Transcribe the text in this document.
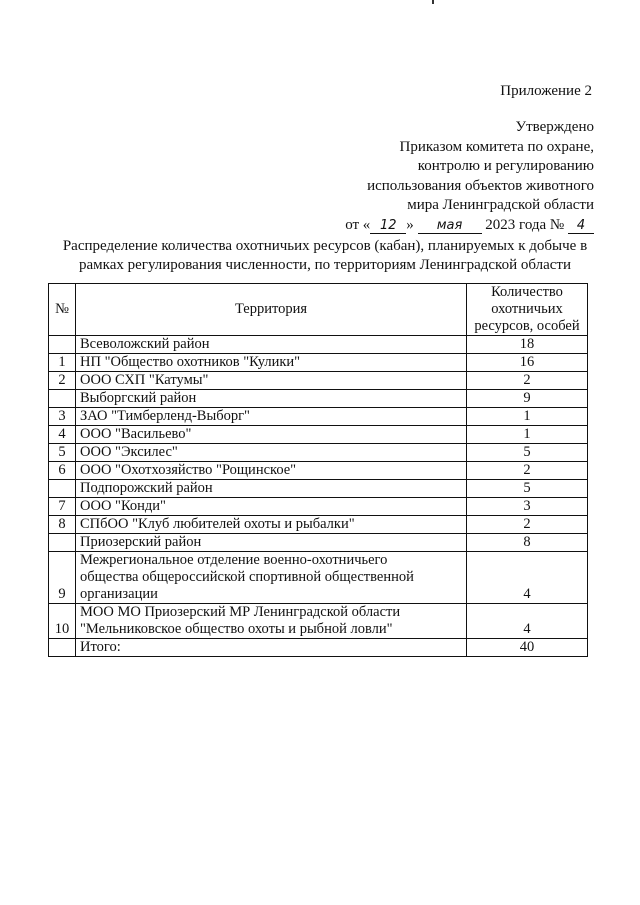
Приложение 2
Утверждено
Приказом комитета по охране,
контролю и регулированию
использования объектов животного
мира Ленинградской области
от « 12 » мая 2023 года № 4
Распределение количества охотничьих ресурсов (кабан), планируемых к добыче в
рамках регулирования численности, по территориям Ленинградской области
№	Территория	Количество
охотничьих
ресурсов, особей

	Всеволожский район	18
1	НП "Общество охотников "Кулики"	16
2	ООО СХП "Катумы"	2

	Выборгский район	9
3	ЗАО "Тимберленд-Выборг"	1
4	ООО "Васильево"	1
5	ООО "Эксилес"	5
6	ООО "Охотхозяйство "Рощинское"	2

	Подпорожский район	5
7	ООО "Конди"	3
8	СПбОО "Клуб любителей охоты и рыбалки"	2

	Приозерский район	8
9	Межрегиональное отделение военно-охотничьего
общества общероссийской спортивной общественной
организации	4
10	МОО МО Приозерский МР Ленинградской области
"Мельниковское общество охоты и рыбной ловли"	4

	Итого:	40
